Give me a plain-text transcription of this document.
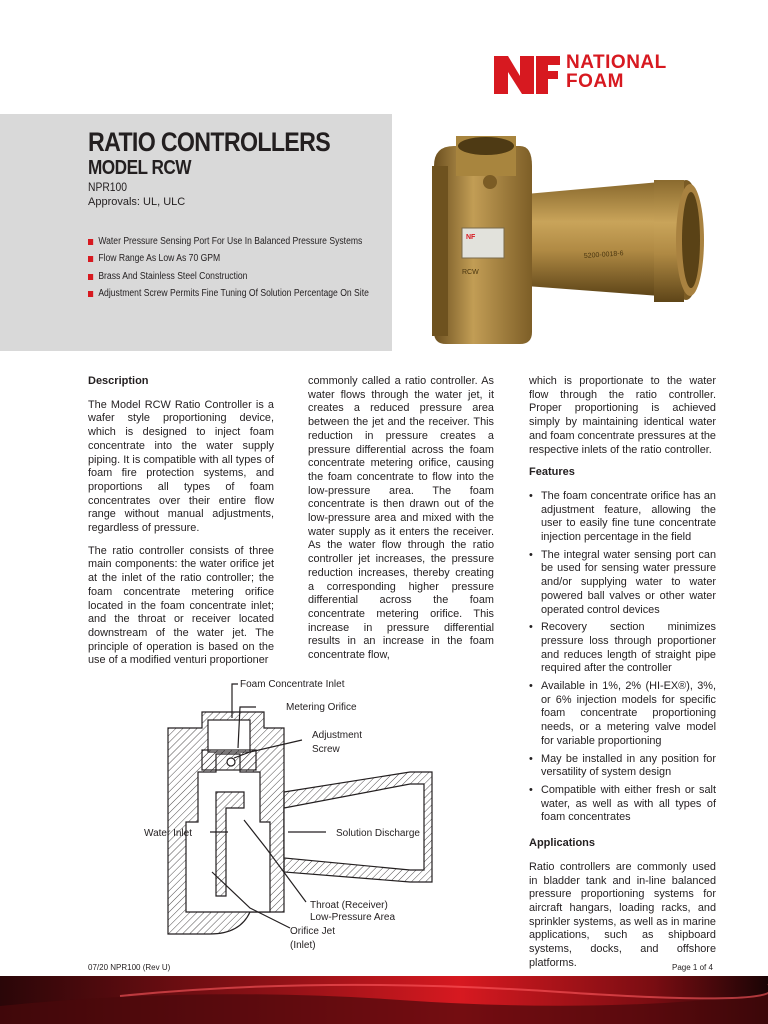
NATIONAL
FOAM
RATIO CONTROLLERS
MODEL RCW
NPR100
Approvals: UL, ULC
Water Pressure Sensing Port For Use In Balanced Pressure Systems
Flow Range As Low As 70 GPM
Brass And Stainless Steel Construction
Adjustment Screw Permits Fine Tuning Of Solution Percentage On Site
NF
RCW
5200-0018-6
Description

The Model RCW Ratio Controller is a wafer style proportioning device, which is designed to inject foam concentrate into the water supply piping. It is compatible with all types of foam fire protection systems, and proportions all types of foam concentrates over their entire flow range without manual adjustments, regardless of pressure.

The ratio controller consists of three main components: the water orifice jet at the inlet of the ratio controller; the foam concentrate metering orifice located in the foam concentrate inlet; and the throat or receiver located downstream of the water jet. The principle of operation is based on the use of a modified venturi proportioner

commonly called a ratio controller. As water flows through the water jet, it creates a reduced pressure area between the jet and the receiver. This reduction in pressure creates a pressure differential across the foam concentrate metering orifice, causing the foam concentrate to flow into the low-pressure area. The foam concentrate is then drawn out of the low-pressure area and mixed with the water supply as it enters the receiver. As the water flow through the ratio controller jet increases, the pressure reduction increases, thereby creating a corresponding higher pressure differential across the foam concentrate metering orifice. This increase in pressure differential results in an increase in the foam concentrate flow,

which is proportionate to the water flow through the ratio controller. Proper proportioning is achieved simply by maintaining identical water and foam concentrate pressures at the respective inlets of the ratio controller.

Features
• The foam concentrate orifice has an adjustment feature, allowing the user to easily fine tune concentrate injection percentage in the field
• The integral water sensing port can be used for sensing water pressure and/or supplying water to water powered ball valves or other water operated control devices
• Recovery section minimizes pressure loss through proportioner and reduces length of straight pipe required after the controller
• Available in 1%, 2% (HI-EX®), 3%, or 6% injection models for specific foam concentrate proportioning needs, or a metering valve model for variable proportioning
• May be installed in any position for versatility of system design
• Compatible with either fresh or salt water, as well as with all types of foam concentrates
Applications

Ratio controllers are commonly used in bladder tank and in-line balanced pressure proportioning systems for aircraft hangars, loading racks, and sprinkler systems, as well as in marine applications, such as shipboard systems, docks, and offshore platforms.

Foam Concentrate Inlet
Metering Orifice
Adjustment
Screw
Water Inlet	Solution Discharge
Throat (Receiver)
Low-Pressure Area
Orifice Jet
(Inlet)
07/20 NPR100 (Rev U)	Page 1 of 4
